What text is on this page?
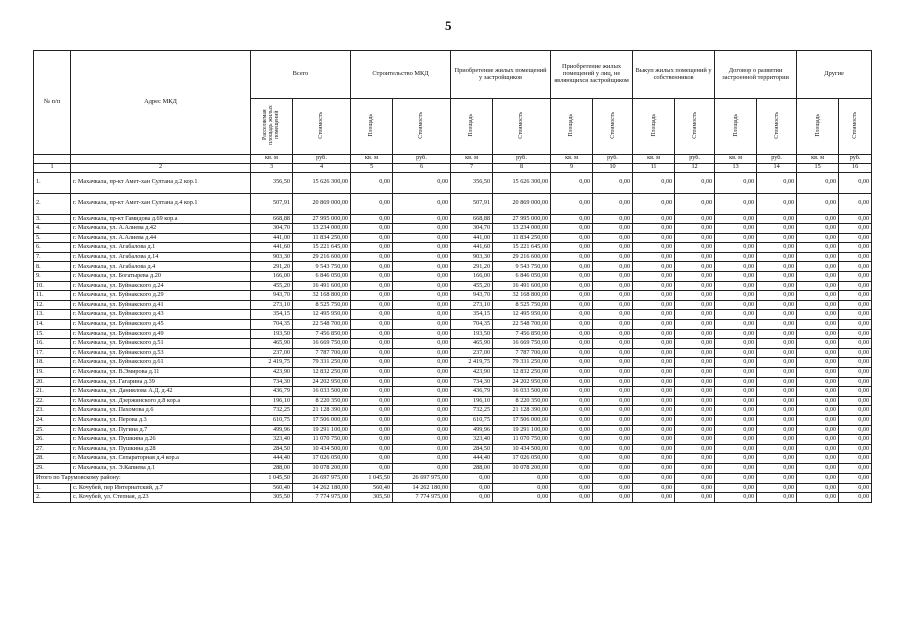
5
№ п/п	Адрес МКД	Всего		Строительство МКД		Приобретение жилых помещений у застройщиков		Приобретение жилых помещений у лиц, не являющихся застройщиком		Выкуп жилых помещений у собственников		Договор о развитии застроенной территории		Другие	
		Расселяемая площадь жилых помещений	Стоимость	Площадь	Стоимость	Площадь	Стоимость	Площадь	Стоимость	Площадь	Стоимость	Площадь	Стоимость	Площадь	Стоимость
		кв. м	руб.	кв. м	руб.	кв. м	руб.	кв. м	руб.	кв. м	руб.	кв. м	руб.	кв. м	руб.
1	2	3	4	5	6	7	8	9	10	11	12	13	14	15	16
1.	г. Махачкала, пр-кт Амет-хан Султана д.2 кор.1	356,50	15 626 300,00	0,00	0,00	356,50	15 626 300,00	0,00	0,00	0,00	0,00	0,00	0,00	0,00	0,00
2.	г. Махачкала, пр-кт Амет-хан Султана д.4 кор.1	507,91	20 869 000,00	0,00	0,00	507,91	20 869 000,00	0,00	0,00	0,00	0,00	0,00	0,00	0,00	0,00
3.	г. Махачкала, пр-кт Гамидова д.69 кор.а	668,88	27 995 000,00	0,00	0,00	668,88	27 995 000,00	0,00	0,00	0,00	0,00	0,00	0,00	0,00	0,00
4.	г. Махачкала, ул. А.Алиева д.42	304,70	13 234 000,00	0,00	0,00	304,70	13 234 000,00	0,00	0,00	0,00	0,00	0,00	0,00	0,00	0,00
5.	г. Махачкала, ул. А.Алиева д.44	441,00	11 834 250,00	0,00	0,00	441,00	11 834 250,00	0,00	0,00	0,00	0,00	0,00	0,00	0,00	0,00
6.	г. Махачкала, ул. Агабалова д.1	441,60	15 221 645,00	0,00	0,00	441,60	15 221 645,00	0,00	0,00	0,00	0,00	0,00	0,00	0,00	0,00
7.	г. Махачкала, ул. Агабалова д.14	903,30	29 216 600,00	0,00	0,00	903,30	29 216 600,00	0,00	0,00	0,00	0,00	0,00	0,00	0,00	0,00
8.	г. Махачкала, ул. Агабалова д.4	291,20	9 543 750,00	0,00	0,00	291,20	9 543 750,00	0,00	0,00	0,00	0,00	0,00	0,00	0,00	0,00
9.	г. Махачкала, ул. Богатырева д.20	166,00	6 846 050,00	0,00	0,00	166,00	6 846 050,00	0,00	0,00	0,00	0,00	0,00	0,00	0,00	0,00
10.	г. Махачкала, ул. Буйнакского д.24	455,20	16 491 600,00	0,00	0,00	455,20	16 491 600,00	0,00	0,00	0,00	0,00	0,00	0,00	0,00	0,00
11.	г. Махачкала, ул. Буйнакского д.29	943,70	32 168 800,00	0,00	0,00	943,70	32 168 800,00	0,00	0,00	0,00	0,00	0,00	0,00	0,00	0,00
12.	г. Махачкала, ул. Буйнакского д.41	273,10	8 525 750,00	0,00	0,00	273,10	8 525 750,00	0,00	0,00	0,00	0,00	0,00	0,00	0,00	0,00
13.	г. Махачкала, ул. Буйнакского д.43	354,15	12 495 950,00	0,00	0,00	354,15	12 495 950,00	0,00	0,00	0,00	0,00	0,00	0,00	0,00	0,00
14.	г. Махачкала, ул. Буйнакского д.45	704,35	22 548 700,00	0,00	0,00	704,35	22 548 700,00	0,00	0,00	0,00	0,00	0,00	0,00	0,00	0,00
15.	г. Махачкала, ул. Буйнакского д.49	193,50	7 456 850,00	0,00	0,00	193,50	7 456 850,00	0,00	0,00	0,00	0,00	0,00	0,00	0,00	0,00
16.	г. Махачкала, ул. Буйнакского д.51	465,90	16 669 750,00	0,00	0,00	465,90	16 669 750,00	0,00	0,00	0,00	0,00	0,00	0,00	0,00	0,00
17.	г. Махачкала, ул. Буйнакского д.53	237,00	7 787 700,00	0,00	0,00	237,00	7 787 700,00	0,00	0,00	0,00	0,00	0,00	0,00	0,00	0,00
18.	г. Махачкала, ул. Буйнакского д.61	2 419,75	79 331 250,00	0,00	0,00	2 419,75	79 331 250,00	0,00	0,00	0,00	0,00	0,00	0,00	0,00	0,00
19.	г. Махачкала, ул. В.Эмирова д.11	423,90	12 832 250,00	0,00	0,00	423,90	12 832 250,00	0,00	0,00	0,00	0,00	0,00	0,00	0,00	0,00
20.	г. Махачкала, ул. Гагарина д.39	734,30	24 202 950,00	0,00	0,00	734,30	24 202 950,00	0,00	0,00	0,00	0,00	0,00	0,00	0,00	0,00
21.	г. Махачкала, ул. Даниялова А.Д. д.42	436,79	16 033 500,00	0,00	0,00	436,79	16 033 500,00	0,00	0,00	0,00	0,00	0,00	0,00	0,00	0,00
22.	г. Махачкала, ул. Дзержинского д.8 кор.а	196,10	8 220 350,00	0,00	0,00	196,10	8 220 350,00	0,00	0,00	0,00	0,00	0,00	0,00	0,00	0,00
23.	г. Махачкала, ул. Пахомова д.6	732,25	21 128 390,00	0,00	0,00	732,25	21 128 390,00	0,00	0,00	0,00	0,00	0,00	0,00	0,00	0,00
24.	г. Махачкала, ул. Перова д.3	610,75	17 506 000,00	0,00	0,00	610,75	17 506 000,00	0,00	0,00	0,00	0,00	0,00	0,00	0,00	0,00
25.	г. Махачкала, ул. Пугина д.7	499,96	19 291 100,00	0,00	0,00	499,96	19 291 100,00	0,00	0,00	0,00	0,00	0,00	0,00	0,00	0,00
26.	г. Махачкала, ул. Пушкина д.26	323,40	11 070 750,00	0,00	0,00	323,40	11 070 750,00	0,00	0,00	0,00	0,00	0,00	0,00	0,00	0,00
27.	г. Махачкала, ул. Пушкина д.28	284,50	10 434 500,00	0,00	0,00	284,50	10 434 500,00	0,00	0,00	0,00	0,00	0,00	0,00	0,00	0,00
28.	г. Махачкала, ул. Сепараторная д.4 кор.а	444,40	17 026 050,00	0,00	0,00	444,40	17 026 050,00	0,00	0,00	0,00	0,00	0,00	0,00	0,00	0,00
29.	г. Махачкала, ул. Э.Капиева д.1	288,00	10 078 200,00	0,00	0,00	288,00	10 078 200,00	0,00	0,00	0,00	0,00	0,00	0,00	0,00	0,00
Итого по Тарумовскому району:		1 045,50	26 697 975,00	1 045,50	26 697 975,00	0,00	0,00	0,00	0,00	0,00	0,00	0,00	0,00	0,00	0,00
1.	с. Кочубей, пер Интернатский, д.7	560,40	14 262 180,00	560,40	14 262 180,00	0,00	0,00	0,00	0,00	0,00	0,00	0,00	0,00	0,00	0,00
2.	с. Кочубей, ул. Степная, д.23	305,50	7 774 975,00	305,50	7 774 975,00	0,00	0,00	0,00	0,00	0,00	0,00	0,00	0,00	0,00	0,00
